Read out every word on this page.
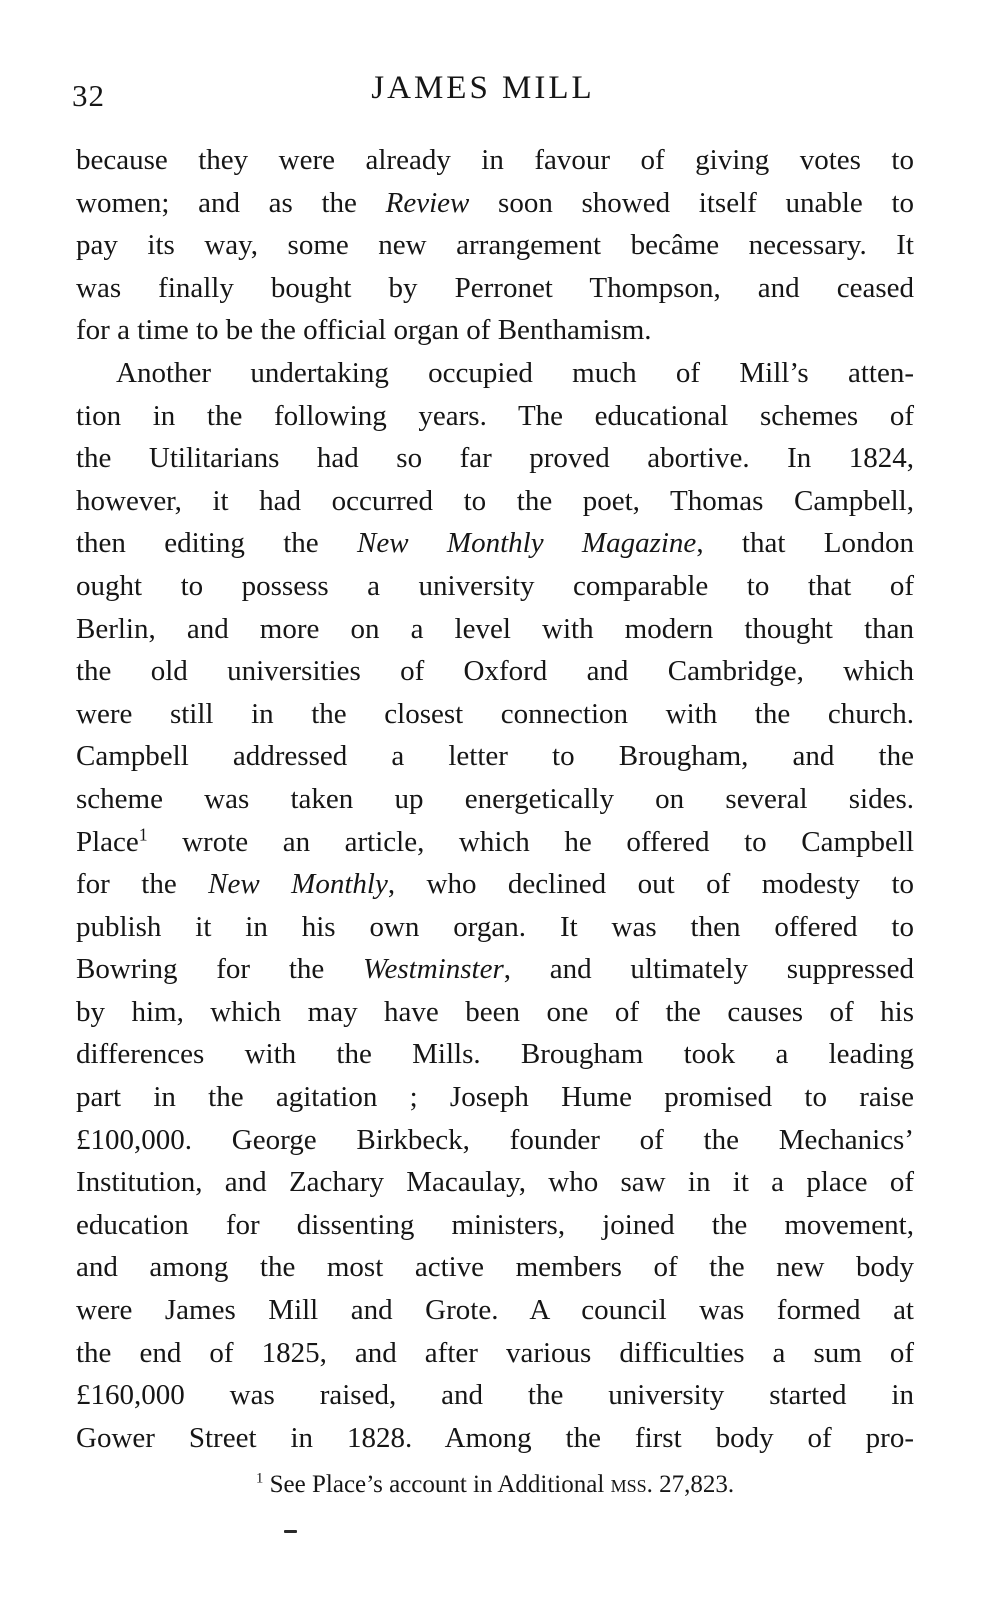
32	JAMES MILL
because they were already in favour of giving votes to
women; and as the Review soon showed itself unable to
pay its way, some new arrangement becâme necessary. It
was finally bought by Perronet Thompson, and ceased
for a time to be the official organ of Benthamism.
Another undertaking occupied much of Mill’s atten-
tion in the following years. The educational schemes of
the Utilitarians had so far proved abortive. In 1824,
however, it had occurred to the poet, Thomas Campbell,
then editing the New Monthly Magazine, that London
ought to possess a university comparable to that of
Berlin, and more on a level with modern thought than
the old universities of Oxford and Cambridge, which
were still in the closest connection with the church.
Campbell addressed a letter to Brougham, and the
scheme was taken up energetically on several sides.
Place$^1$ wrote an article, which he offered to Campbell
for the New Monthly, who declined out of modesty to
publish it in his own organ. It was then offered to
Bowring for the Westminster, and ultimately suppressed
by him, which may have been one of the causes of his
differences with the Mills. Brougham took a leading
part in the agitation ; Joseph Hume promised to raise
£100,000. George Birkbeck, founder of the Mechanics’
Institution, and Zachary Macaulay, who saw in it a place of
education for dissenting ministers, joined the movement,
and among the most active members of the new body
were James Mill and Grote. A council was formed at
the end of 1825, and after various difficulties a sum of
£160,000 was raised, and the university started in
Gower Street in 1828. Among the first body of pro-
$^1$ See Place’s account in Additional mss. 27,823.
